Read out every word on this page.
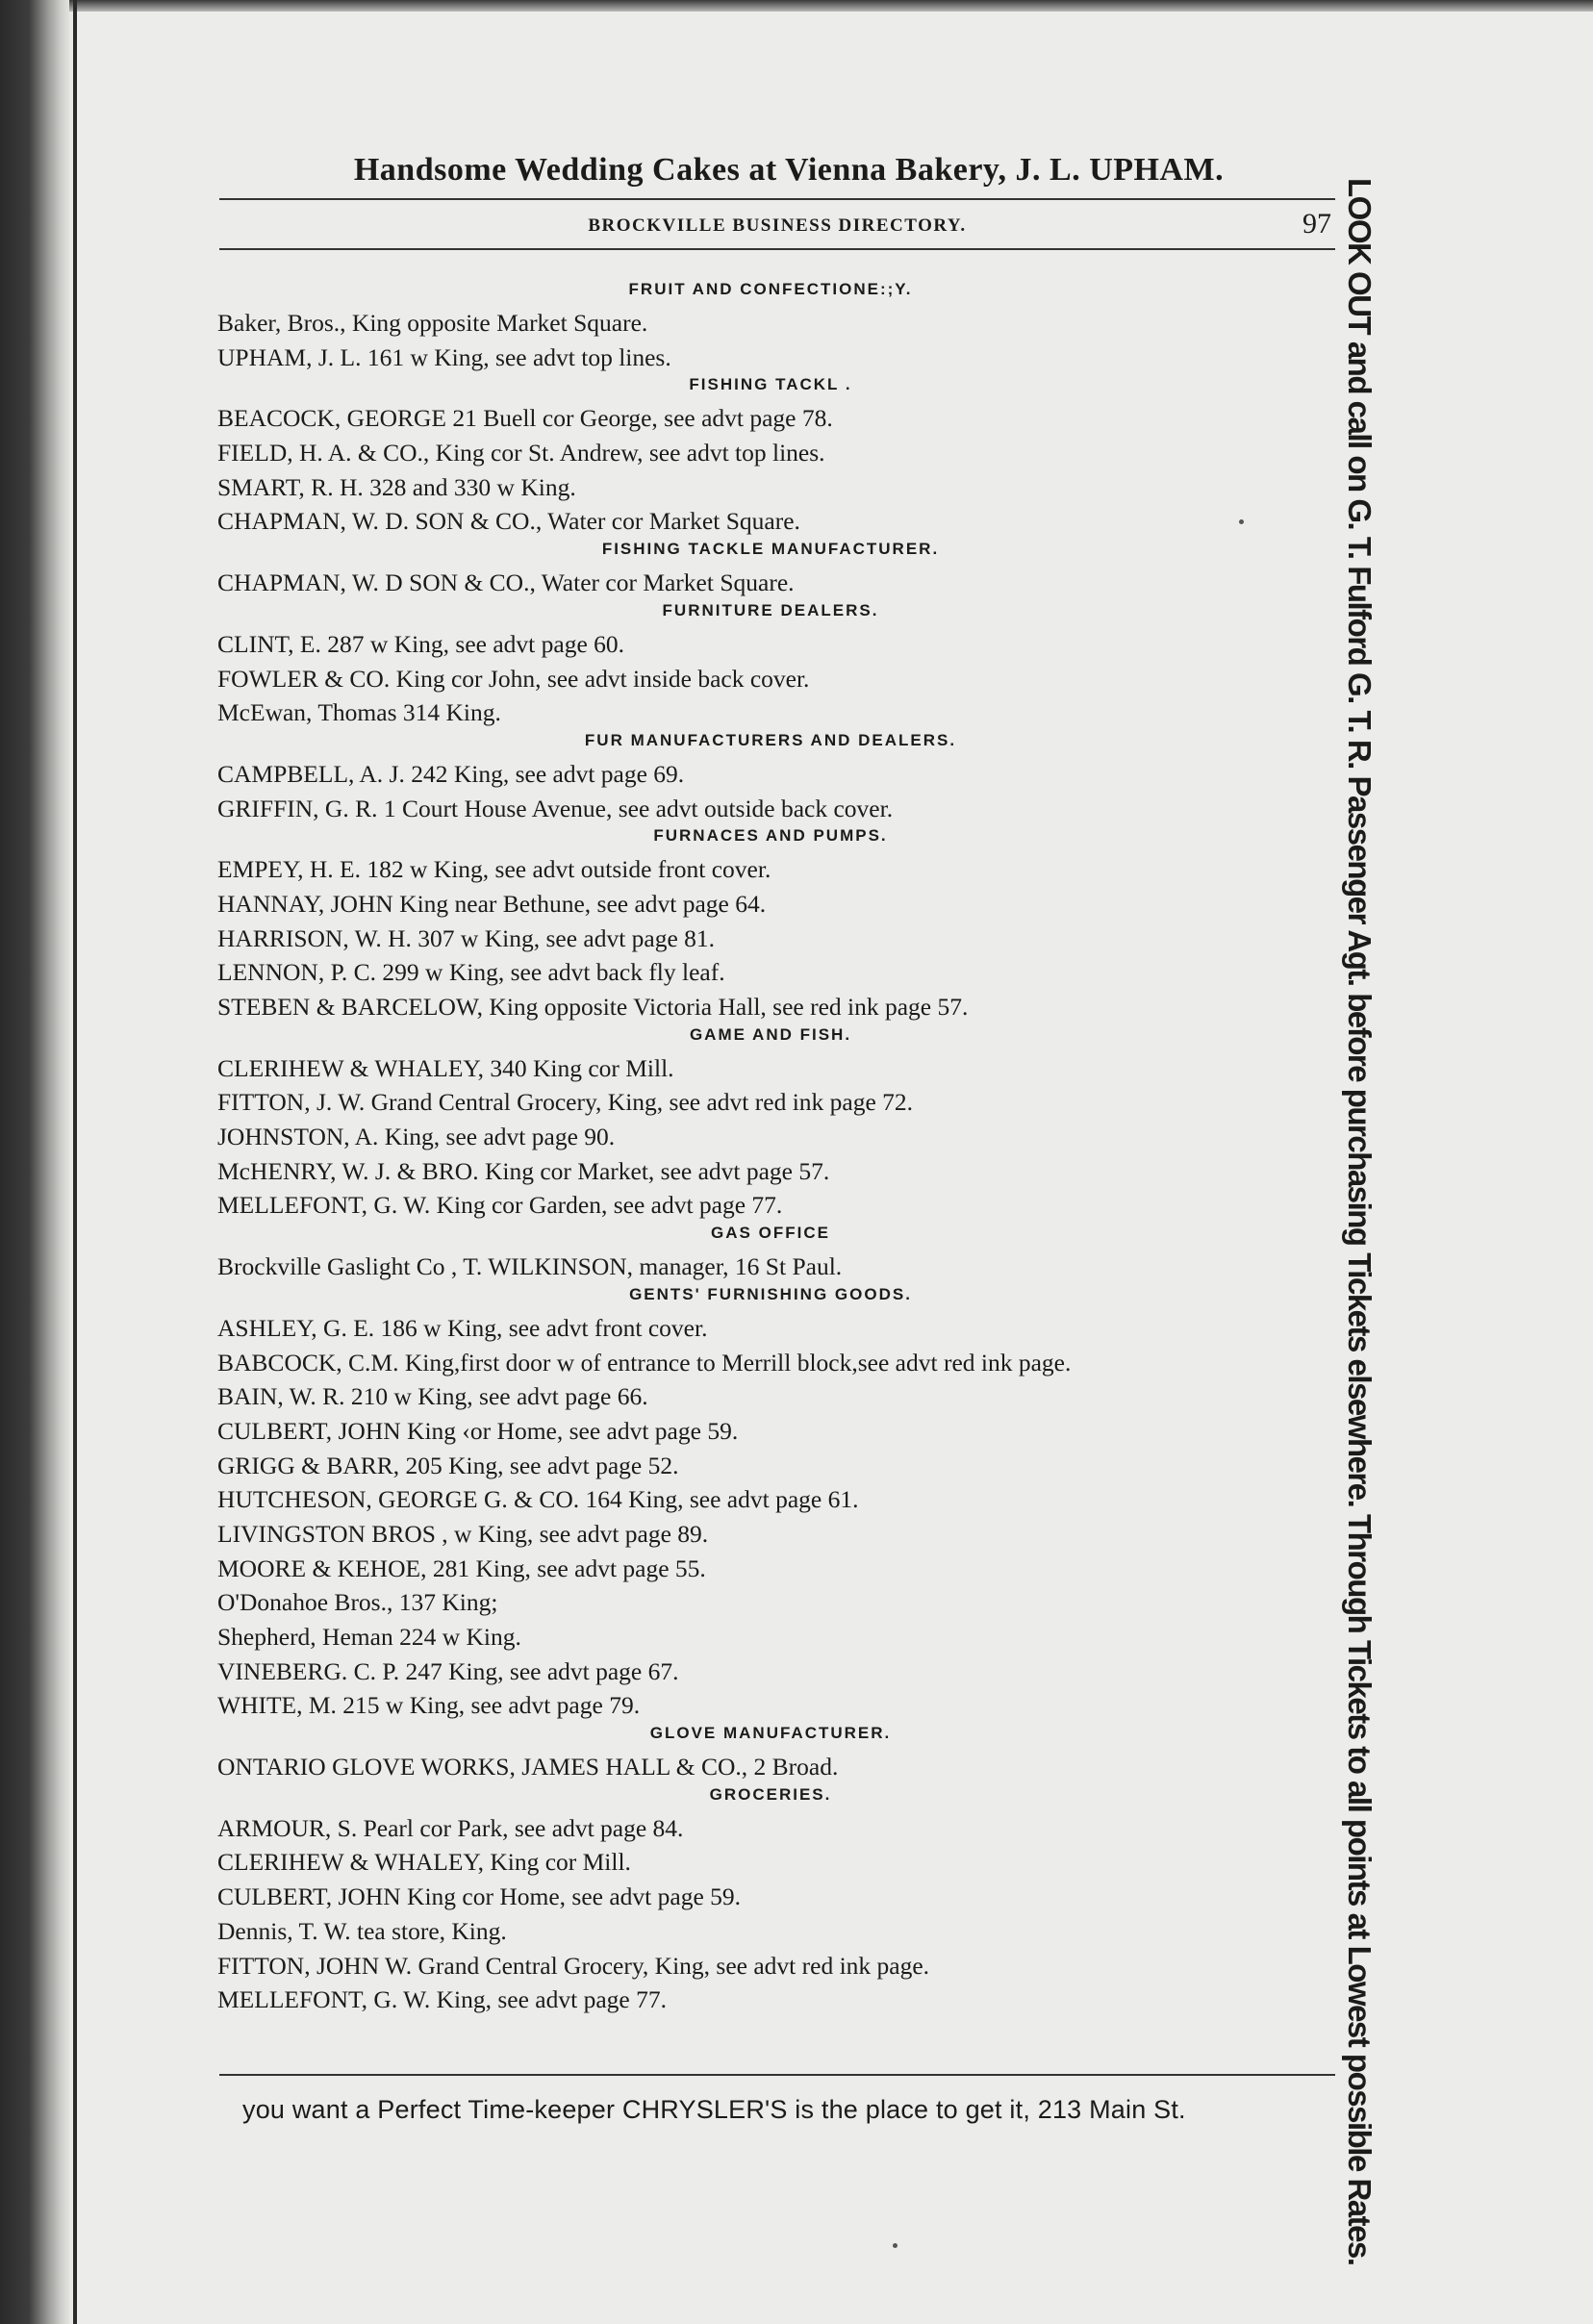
Handsome Wedding Cakes at Vienna Bakery, J. L. UPHAM.
BROCKVILLE BUSINESS DIRECTORY.	97 LOOK OUT and call on G. T. Fulford G. T. R. Passenger Agt. before purchasing Tickets elsewhere. Through Tickets to all points at Lowest possible Rates.
FRUIT AND CONFECTIONE:;Y.
Baker, Bros., King opposite Market Square.
UPHAM, J. L. 161 w King, see advt top lines.
FISHING TACKL .
BEACOCK, GEORGE 21 Buell cor George, see advt page 78.
FIELD, H. A. & CO., King cor St. Andrew, see advt top lines.
SMART, R. H. 328 and 330 w King.
CHAPMAN, W. D. SON & CO., Water cor Market Square.
FISHING TACKLE MANUFACTURER.
CHAPMAN, W. D SON & CO., Water cor Market Square.
FURNITURE DEALERS.
CLINT, E. 287 w King, see advt page 60.
FOWLER & CO. King cor John, see advt inside back cover.
McEwan, Thomas 314 King.
FUR MANUFACTURERS AND DEALERS.
CAMPBELL, A. J. 242 King, see advt page 69.
GRIFFIN, G. R. 1 Court House Avenue, see advt outside back cover.
FURNACES AND PUMPS.
EMPEY, H. E. 182 w King, see advt outside front cover.
HANNAY, JOHN King near Bethune, see advt page 64.
HARRISON, W. H. 307 w King, see advt page 81.
LENNON, P. C. 299 w King, see advt back fly leaf.
STEBEN & BARCELOW, King opposite Victoria Hall, see red ink page 57.
GAME AND FISH.
CLERIHEW & WHALEY, 340 King cor Mill.
FITTON, J. W. Grand Central Grocery, King, see advt red ink page 72.
JOHNSTON, A. King, see advt page 90.
McHENRY, W. J. & BRO. King cor Market, see advt page 57.
MELLEFONT, G. W. King cor Garden, see advt page 77.
GAS OFFICE
Brockville Gaslight Co , T. WILKINSON, manager, 16 St Paul.
GENTS' FURNISHING GOODS.
ASHLEY, G. E. 186 w King, see advt front cover.
BABCOCK, C.M. King,first door w of entrance to Merrill block,see advt red ink page.
BAIN, W. R. 210 w King, see advt page 66.
CULBERT, JOHN King ‹or Home, see advt page 59.
GRIGG & BARR, 205 King, see advt page 52.
HUTCHESON, GEORGE G. & CO. 164 King, see advt page 61.
LIVINGSTON BROS , w King, see advt page 89.
MOORE & KEHOE, 281 King, see advt page 55.
O'Donahoe Bros., 137 King;
Shepherd, Heman 224 w King.
VINEBERG. C. P. 247 King, see advt page 67.
WHITE, M. 215 w King, see advt page 79.
GLOVE MANUFACTURER.
ONTARIO GLOVE WORKS, JAMES HALL & CO., 2 Broad.
GROCERIES.
ARMOUR, S. Pearl cor Park, see advt page 84.
CLERIHEW & WHALEY, King cor Mill.
CULBERT, JOHN King cor Home, see advt page 59.
Dennis, T. W. tea store, King.
FITTON, JOHN W. Grand Central Grocery, King, see advt red ink page.
MELLEFONT, G. W. King, see advt page 77.
you want a Perfect Time-keeper CHRYSLER'S is the place to get it, 213 Main St.
